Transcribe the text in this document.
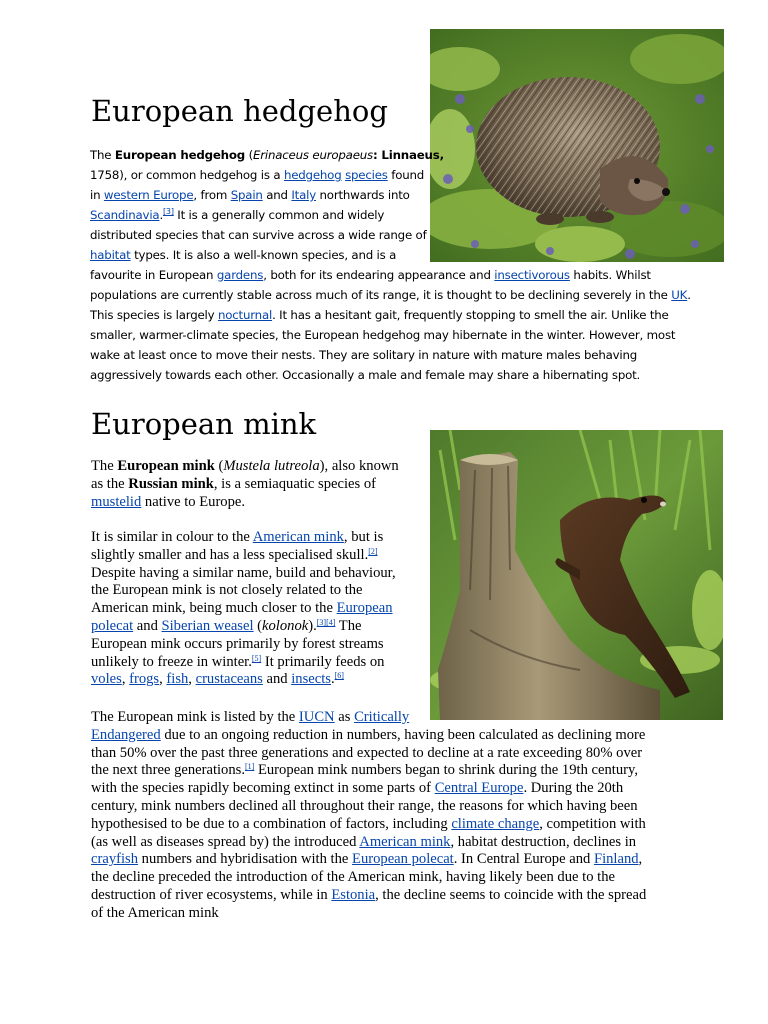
European hedgehog
The European hedgehog (Erinaceus europaeus: Linnaeus,
1758), or common hedgehog is a hedgehog species found
in western Europe, from Spain and Italy northwards into
Scandinavia.[3] It is a generally common and widely
distributed species that can survive across a wide range of
habitat types. It is also a well-known species, and is a
favourite in European gardens, both for its endearing appearance and insectivorous habits. Whilst
populations are currently stable across much of its range, it is thought to be declining severely in the UK.
This species is largely nocturnal. It has a hesitant gait, frequently stopping to smell the air. Unlike the
smaller, warmer-climate species, the European hedgehog may hibernate in the winter. However, most
wake at least once to move their nests. They are solitary in nature with mature males behaving
aggressively towards each other. Occasionally a male and female may share a hibernating spot.
European mink
The European mink (Mustela lutreola), also known
as the Russian mink, is a semiaquatic species of
mustelid native to Europe.
It is similar in colour to the American mink, but is
slightly smaller and has a less specialised skull.[2]
Despite having a similar name, build and behaviour,
the European mink is not closely related to the
American mink, being much closer to the European
polecat and Siberian weasel (kolonok).[3][4] The
European mink occurs primarily by forest streams
unlikely to freeze in winter.[5] It primarily feeds on
voles, frogs, fish, crustaceans and insects.[6]
The European mink is listed by the IUCN as Critically
Endangered due to an ongoing reduction in numbers, having been calculated as declining more
than 50% over the past three generations and expected to decline at a rate exceeding 80% over
the next three generations.[1] European mink numbers began to shrink during the 19th century,
with the species rapidly becoming extinct in some parts of Central Europe. During the 20th
century, mink numbers declined all throughout their range, the reasons for which having been
hypothesised to be due to a combination of factors, including climate change, competition with
(as well as diseases spread by) the introduced American mink, habitat destruction, declines in
crayfish numbers and hybridisation with the European polecat. In Central Europe and Finland,
the decline preceded the introduction of the American mink, having likely been due to the
destruction of river ecosystems, while in Estonia, the decline seems to coincide with the spread
of the American mink
